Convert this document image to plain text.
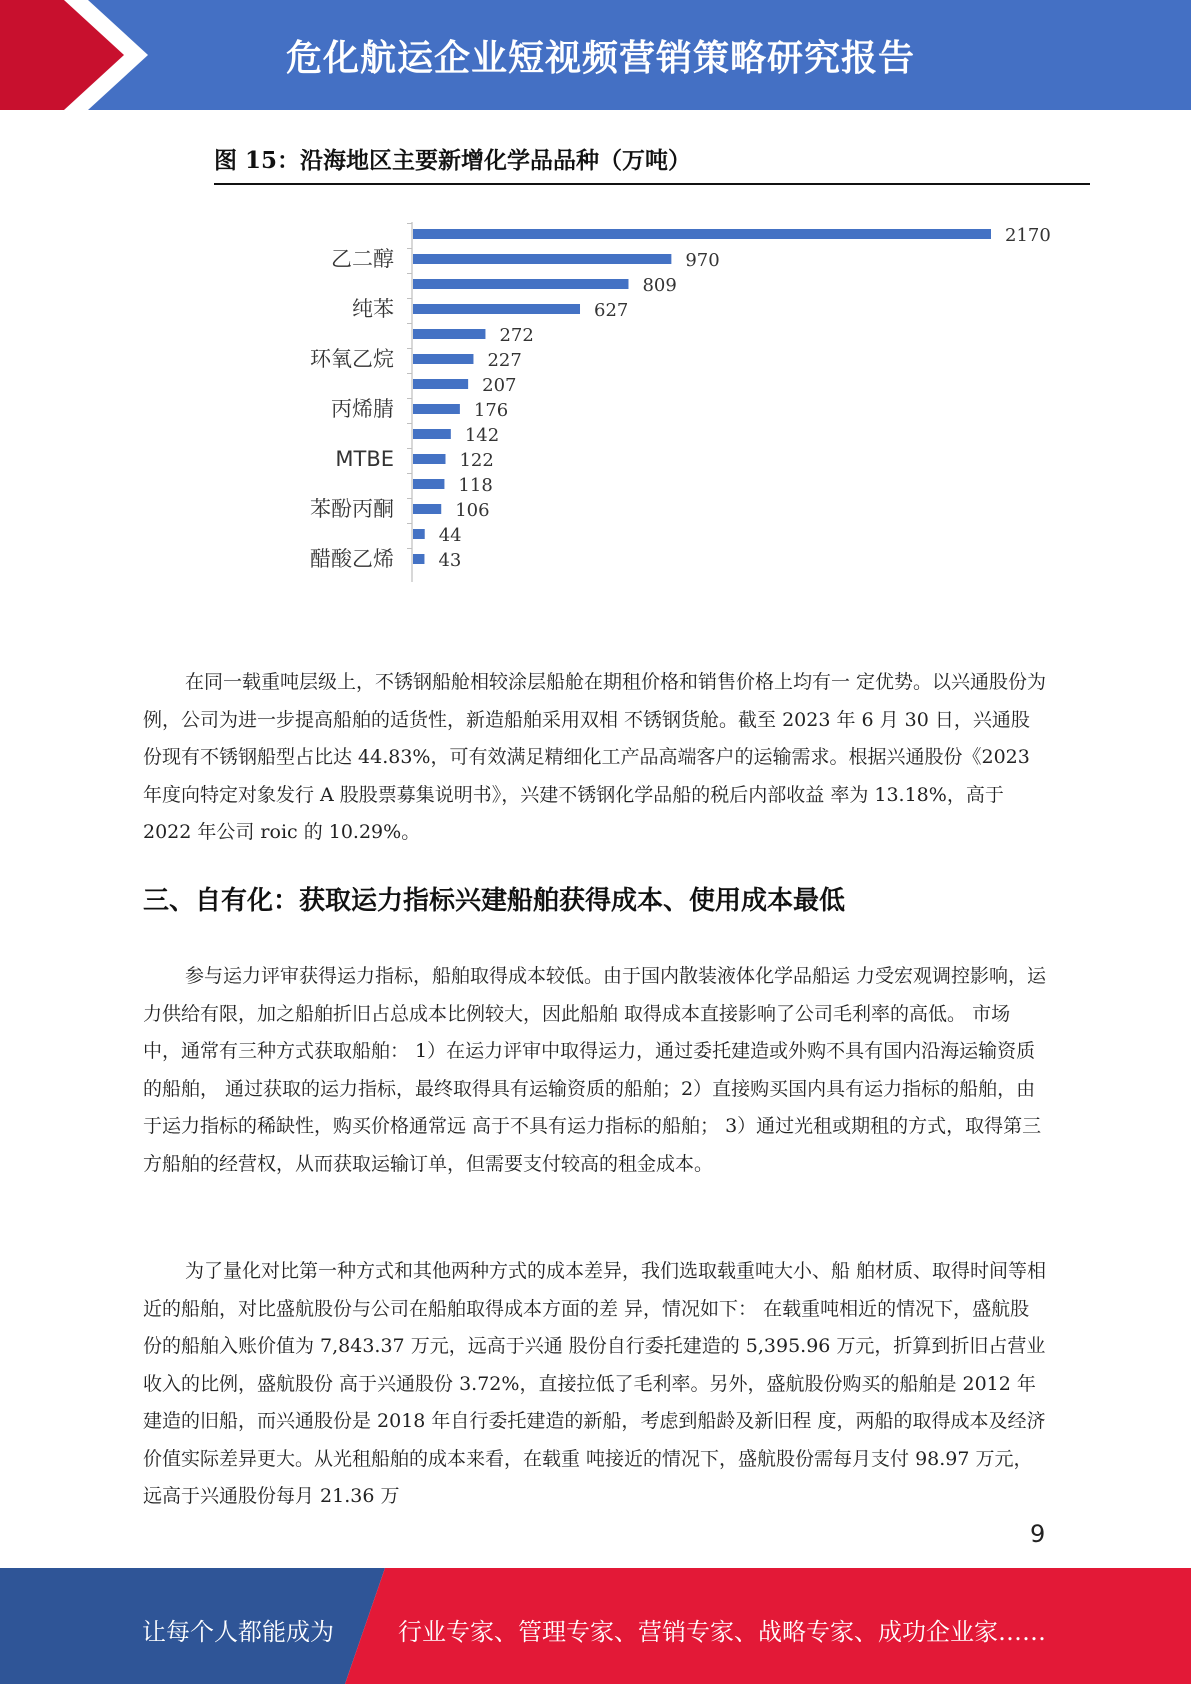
危化航运企业短视频营销策略研究报告
图 15：沿海地区主要新增化学品品种（万吨）
2170
970
乙二醇
809
627
纯苯
272
227
环氧乙烷
207
176
丙烯腈
142
122
MTBE
118
106
苯酚丙酮
44
43
醋酸乙烯

在同一载重吨层级上，不锈钢船舱相较涂层船舱在期租价格和销售价格上均有一 定优势。以兴通股份为例，公司为进一步提高船舶的适货性，新造船舶采用双相 不锈钢货舱。截至 2023 年 6 月 30 日，兴通股份现有不锈钢船型占比达 44.83%，可有效满足精细化工产品高端客户的运输需求。根据兴通股份《2023 年度向特定对象发行 A 股股票募集说明书》，兴建不锈钢化学品船的税后内部收益 率为 13.18%，高于 2022 年公司 roic 的 10.29%。

三、自有化：获取运力指标兴建船舶获得成本、使用成本最低

参与运力评审获得运力指标，船舶取得成本较低。由于国内散装液体化学品船运 力受宏观调控影响，运力供给有限，加之船舶折旧占总成本比例较大，因此船舶 取得成本直接影响了公司毛利率的高低。 市场中，通常有三种方式获取船舶： 1）在运力评审中取得运力，通过委托建造或外购不具有国内沿海运输资质的船舶， 通过获取的运力指标，最终取得具有运输资质的船舶；2）直接购买国内具有运力指标的船舶，由于运力指标的稀缺性，购买价格通常远 高于不具有运力指标的船舶； 3）通过光租或期租的方式，取得第三方船舶的经营权，从而获取运输订单，但需要支付较高的租金成本。

为了量化对比第一种方式和其他两种方式的成本差异，我们选取载重吨大小、船 舶材质、取得时间等相近的船舶，对比盛航股份与公司在船舶取得成本方面的差 异，情况如下： 在载重吨相近的情况下，盛航股份的船舶入账价值为 7,843.37 万元，远高于兴通 股份自行委托建造的 5,395.96 万元，折算到折旧占营业收入的比例，盛航股份 高于兴通股份 3.72%，直接拉低了毛利率。另外，盛航股份购买的船舶是 2012 年 建造的旧船，而兴通股份是 2018 年自行委托建造的新船，考虑到船龄及新旧程 度，两船的取得成本及经济价值实际差异更大。从光租船舶的成本来看，在载重 吨接近的情况下，盛航股份需每月支付 98.97 万元，远高于兴通股份每月 21.36 万

9
让每个人都能成为	行业专家、管理专家、营销专家、战略专家、成功企业家……
